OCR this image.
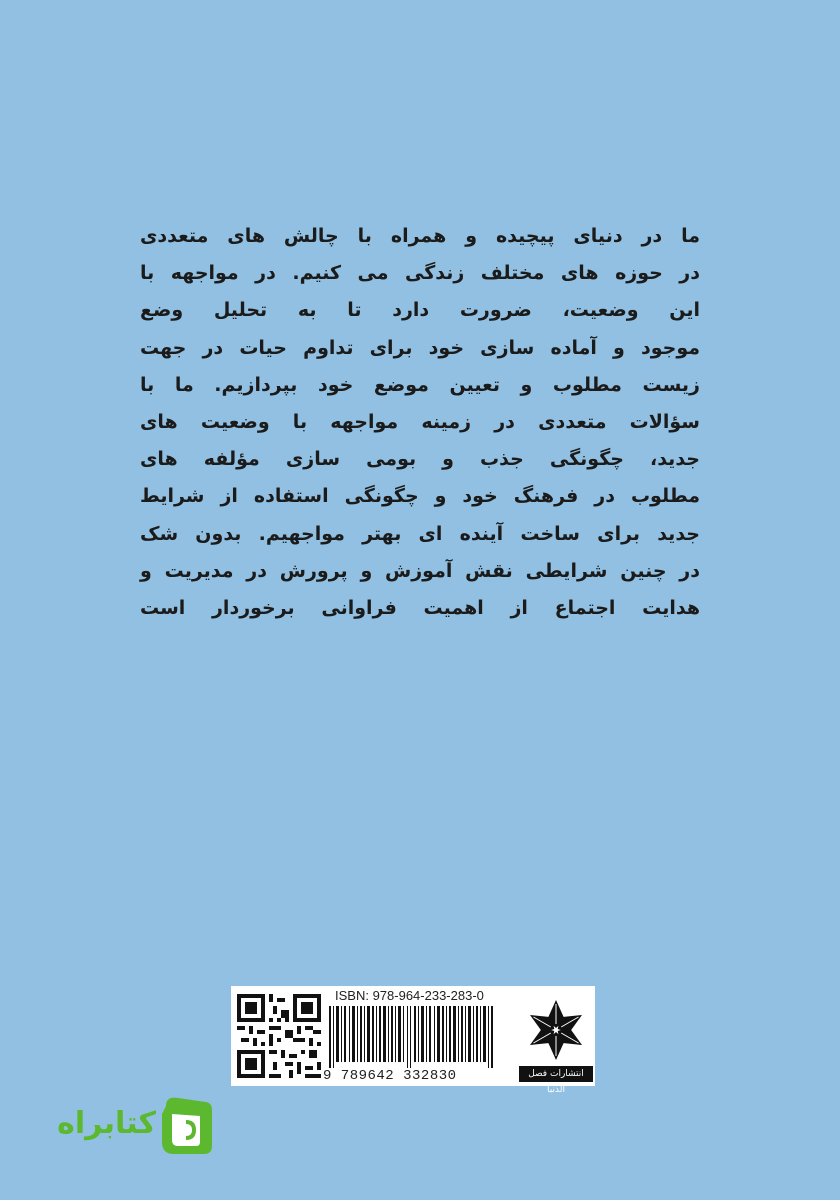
ما در دنیای پیچیده و همراه با چالش های متعددی
در حوزه های مختلف زندگی می کنیم. در مواجهه با
این وضعیت، ضرورت دارد تا به تحلیل وضع
موجود و آماده سازی خود برای تداوم حیات در جهت
زیست مطلوب و تعیین موضع خود بپردازیم. ما با
سؤالات متعددی در زمینه مواجهه با وضعیت های
جدید، چگونگی جذب و بومی سازی مؤلفه های
مطلوب در فرهنگ خود و چگونگی استفاده از شرایط
جدید برای ساخت آینده ای بهتر مواجهیم. بدون شک
در چنین شرایطی نقش آموزش و پرورش در مدیریت و
هدایت اجتماع از اهمیت فراوانی برخوردار است
ISBN: 978-964-233-283-0
9 789642 332830	انتشارات فصل الذنبا
کتابراه
